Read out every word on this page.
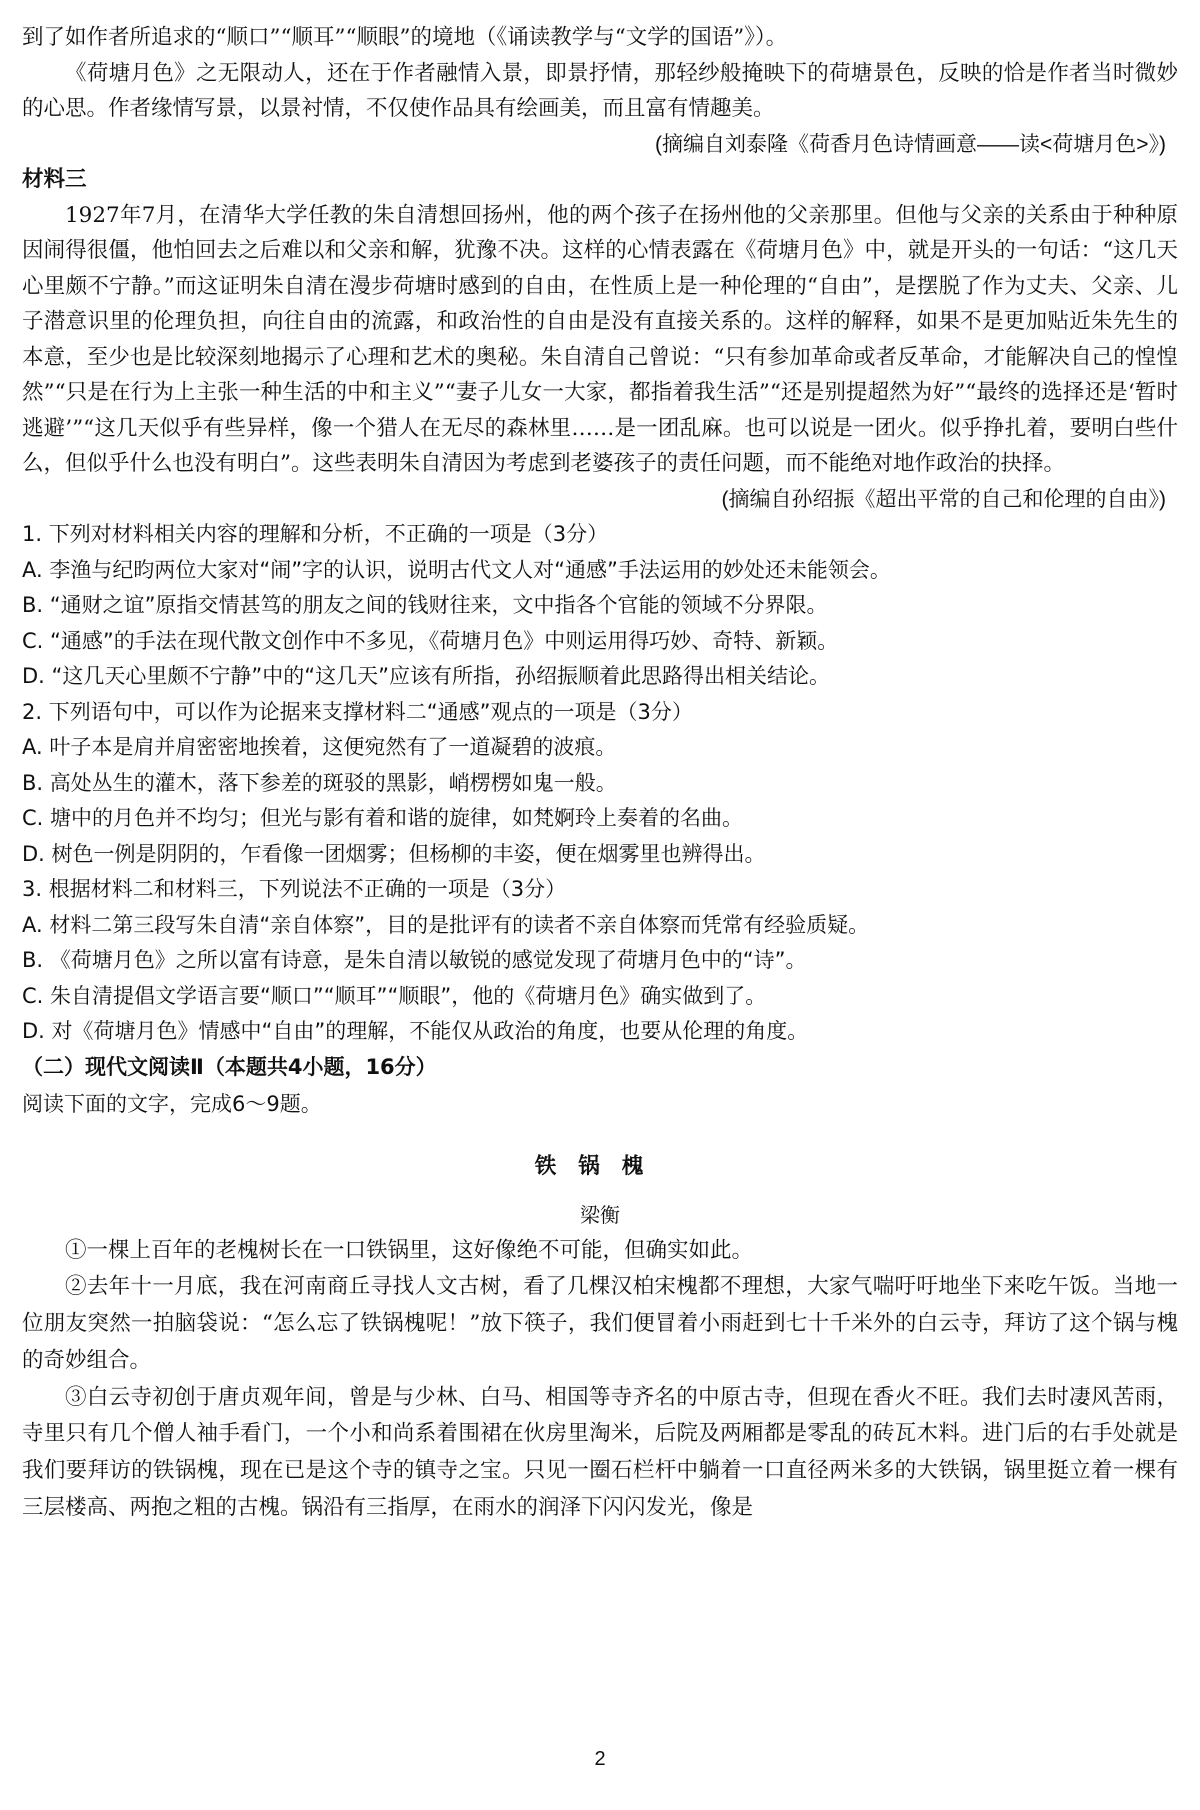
到了如作者所追求的“顺口”“顺耳”“顺眼”的境地（《诵读教学与“文学的国语”》）。

《荷塘月色》之无限动人，还在于作者融情入景，即景抒情，那轻纱般掩映下的荷塘景色，反映的恰是作者当时微妙的心思。作者缘情写景，以景衬情，不仅使作品具有绘画美，而且富有情趣美。

(摘编自刘泰隆《荷香月色诗情画意——读<荷塘月色>》)

材料三

1927年7月，在清华大学任教的朱自清想回扬州，他的两个孩子在扬州他的父亲那里。但他与父亲的关系由于种种原因闹得很僵，他怕回去之后难以和父亲和解，犹豫不决。这样的心情表露在《荷塘月色》中，就是开头的一句话：“这几天心里颇不宁静。”而这证明朱自清在漫步荷塘时感到的自由，在性质上是一种伦理的“自由”，是摆脱了作为丈夫、父亲、儿子潜意识里的伦理负担，向往自由的流露，和政治性的自由是没有直接关系的。这样的解释，如果不是更加贴近朱先生的本意，至少也是比较深刻地揭示了心理和艺术的奥秘。朱自清自己曾说：“只有参加革命或者反革命，才能解决自己的惶惶然”“只是在行为上主张一种生活的中和主义”“妻子儿女一大家，都指着我生活”“还是别提超然为好”“最终的选择还是‘暂时逃避’”“这几天似乎有些异样，像一个猎人在无尽的森林里……是一团乱麻。也可以说是一团火。似乎挣扎着，要明白些什么，但似乎什么也没有明白”。这些表明朱自清因为考虑到老婆孩子的责任问题，而不能绝对地作政治的抉择。

(摘编自孙绍振《超出平常的自己和伦理的自由》)

1. 下列对材料相关内容的理解和分析，不正确的一项是（3分）

A. 李渔与纪昀两位大家对“闹”字的认识，说明古代文人对“通感”手法运用的妙处还未能领会。

B. “通财之谊”原指交情甚笃的朋友之间的钱财往来，文中指各个官能的领域不分界限。

C. “通感”的手法在现代散文创作中不多见，《荷塘月色》中则运用得巧妙、奇特、新颖。

D. “这几天心里颇不宁静”中的“这几天”应该有所指，孙绍振顺着此思路得出相关结论。

2. 下列语句中，可以作为论据来支撑材料二“通感”观点的一项是（3分）

A. 叶子本是肩并肩密密地挨着，这便宛然有了一道凝碧的波痕。

B. 高处丛生的灌木，落下参差的斑驳的黑影，峭楞楞如鬼一般。

C. 塘中的月色并不均匀；但光与影有着和谐的旋律，如梵婀玲上奏着的名曲。

D. 树色一例是阴阴的，乍看像一团烟雾；但杨柳的丰姿，便在烟雾里也辨得出。

3. 根据材料二和材料三，下列说法不正确的一项是（3分）

A. 材料二第三段写朱自清“亲自体察”，目的是批评有的读者不亲自体察而凭常有经验质疑。

B. 《荷塘月色》之所以富有诗意，是朱自清以敏锐的感觉发现了荷塘月色中的“诗”。

C. 朱自清提倡文学语言要“顺口”“顺耳”“顺眼”，他的《荷塘月色》确实做到了。

D. 对《荷塘月色》情感中“自由”的理解，不能仅从政治的角度，也要从伦理的角度。

（二）现代文阅读Ⅱ（本题共4小题，16分）

阅读下面的文字，完成6～9题。

铁锅槐

梁衡

①一棵上百年的老槐树长在一口铁锅里，这好像绝不可能，但确实如此。

②去年十一月底，我在河南商丘寻找人文古树，看了几棵汉柏宋槐都不理想，大家气喘吁吁地坐下来吃午饭。当地一位朋友突然一拍脑袋说：“怎么忘了铁锅槐呢！”放下筷子，我们便冒着小雨赶到七十千米外的白云寺，拜访了这个锅与槐的奇妙组合。

③白云寺初创于唐贞观年间，曾是与少林、白马、相国等寺齐名的中原古寺，但现在香火不旺。我们去时凄风苦雨，寺里只有几个僧人袖手看门，一个小和尚系着围裙在伙房里淘米，后院及两厢都是零乱的砖瓦木料。进门后的右手处就是我们要拜访的铁锅槐，现在已是这个寺的镇寺之宝。只见一圈石栏杆中躺着一口直径两米多的大铁锅，锅里挺立着一棵有三层楼高、两抱之粗的古槐。锅沿有三指厚，在雨水的润泽下闪闪发光，像是

2
